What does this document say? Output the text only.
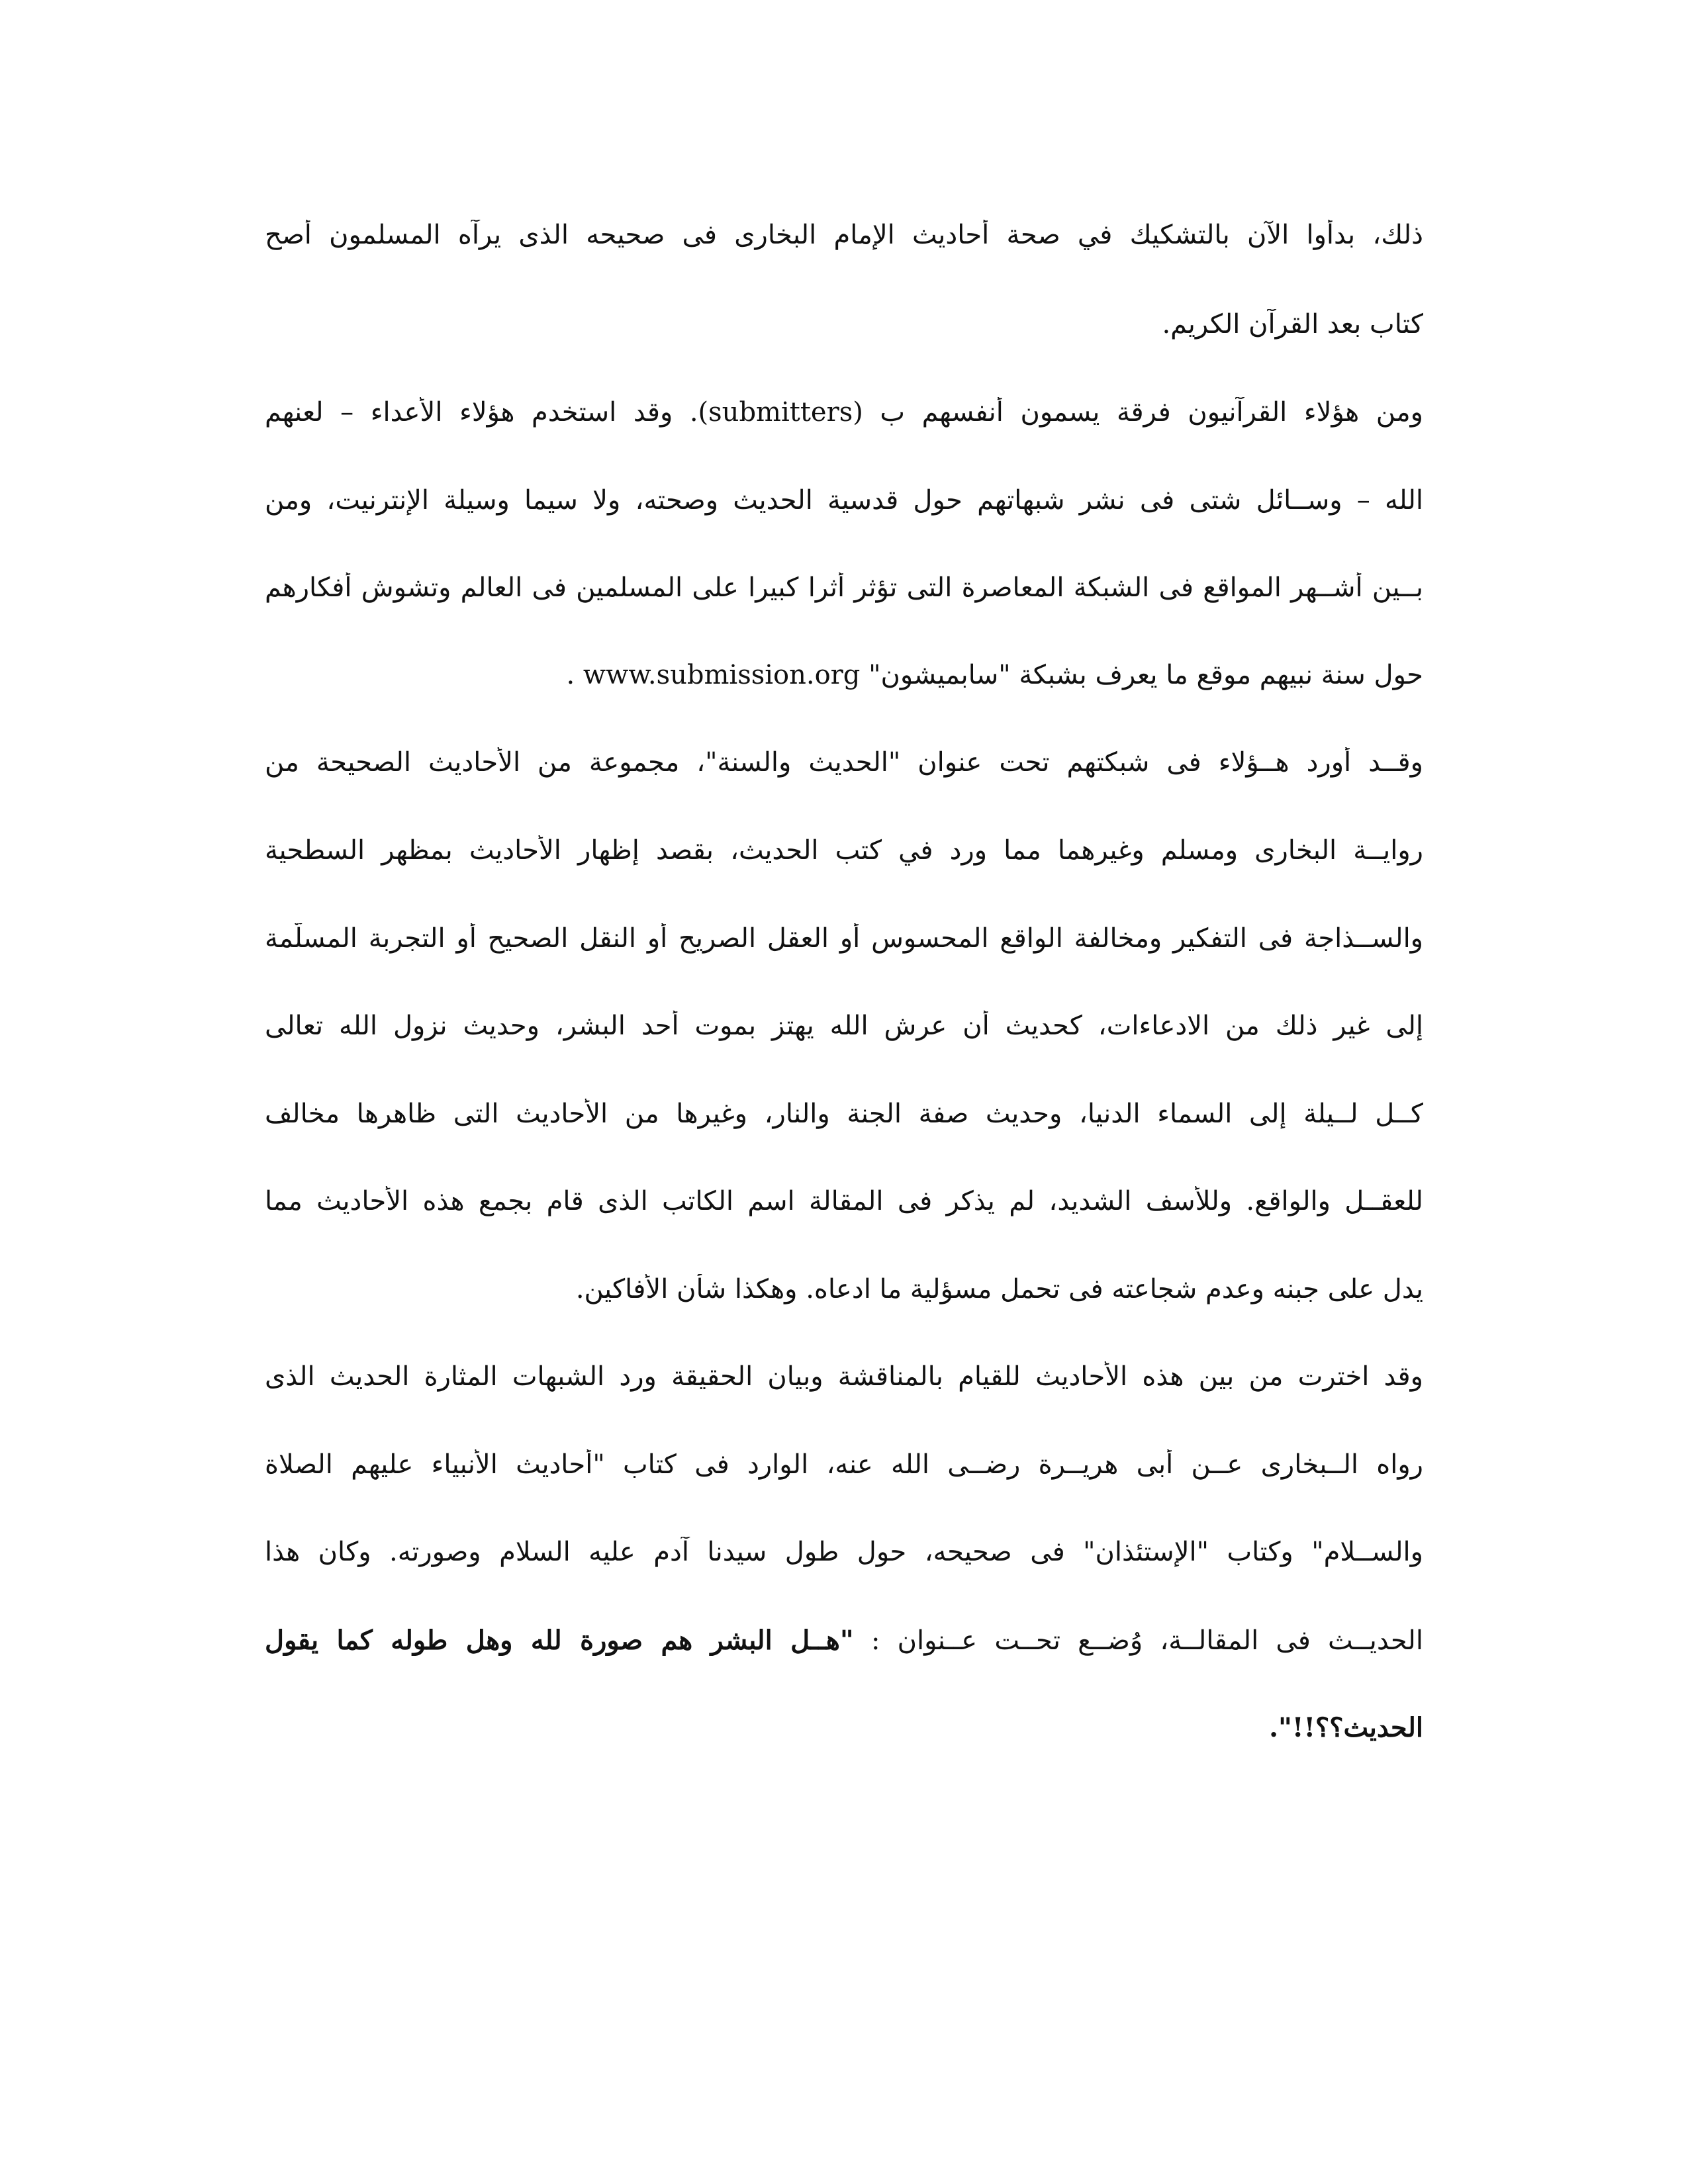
ذلك، بدأوا الآن بالتشكيك في صحة أحاديث الإمام البخارى فى صحيحه الذى يرآه المسلمون أصح
كتاب بعد القرآن الكريم.
ومن هؤلاء القرآنيون فرقة يسمون أنفسهم ب (submitters). وقد استخدم هؤلاء الأعداء – لعنهم
الله – وســائل شتى فى نشر شبهاتهم حول قدسية الحديث وصحته، ولا سيما وسيلة الإنترنيت، ومن
بــين أشــهر المواقع فى الشبكة المعاصرة التى تؤثر أثرا كبيرا على المسلمين فى العالم وتشوش أفكارهم
حول سنة نبيهم موقع ما يعرف بشبكة "سابميشون" www.submission.org .
وقــد أورد هــؤلاء فى شبكتهم تحت عنوان "الحديث والسنة"، مجموعة من الأحاديث الصحيحة من
روايــة البخارى ومسلم وغيرهما مما ورد في كتب الحديث، بقصد إظهار الأحاديث بمظهر السطحية
والســذاجة فى التفكير ومخالفة الواقع المحسوس أو العقل الصريح أو النقل الصحيح أو التجربة المسلّمة
إلى غير ذلك من الادعاءات، كحديث أن عرش الله يهتز بموت أحد البشر، وحديث نزول الله تعالى
كــل لــيلة إلى السماء الدنيا، وحديث صفة الجنة والنار، وغيرها من الأحاديث التى ظاهرها مخالف
للعقــل والواقع. وللأسف الشديد، لم يذكر فى المقالة اسم الكاتب الذى قام بجمع هذه الأحاديث مما
يدل على جبنه وعدم شجاعته فى تحمل مسؤلية ما ادعاه. وهكذا شأن الأفاكين.
وقد اخترت من بين هذه الأحاديث للقيام بالمناقشة وبيان الحقيقة ورد الشبهات المثارة الحديث الذى
رواه الــبخارى عــن أبى هريــرة رضــى الله عنه، الوارد فى كتاب "أحاديث الأنبياء عليهم الصلاة
والســلام" وكتاب "الإستئذان" فى صحيحه، حول طول سيدنا آدم عليه السلام وصورته. وكان هذا
الحديــث فى المقالــة، وُضــع تحــت عــنوان : "هــل البشر هم صورة لله وهل طوله كما يقول
الحديث؟؟!!".
